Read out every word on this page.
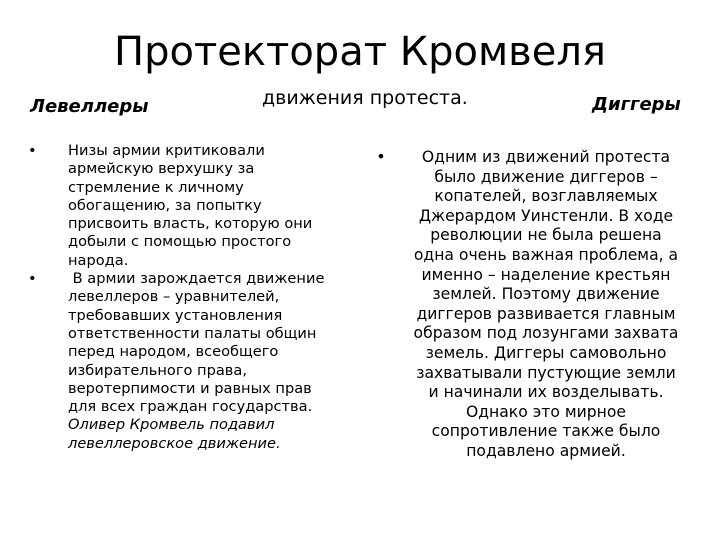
Протекторат Кромвеля
движения протеста.
Левеллеры	Диггеры
•	Низы армии критиковали
армейскую верхушку за
стремление к личному
обогащению, за попытку
присвоить власть, которую они
добыли с помощью простого
народа.
•	В армии зарождается движение
левеллеров – уравнителей,
требовавших установления
ответственности палаты общин
перед народом, всеобщего
избирательного права,
веротерпимости и равных прав
для всех граждан государства.
Оливер Кромвель подавил
левеллеровское движение.
•	Одним из движений протеста
было движение диггеров –
копателей, возглавляемых
Джерардом Уинстенли. В ходе
революции не была решена
одна очень важная проблема, а
именно – наделение крестьян
землей. Поэтому движение
диггеров развивается главным
образом под лозунгами захвата
земель. Диггеры самовольно
захватывали пустующие земли
и начинали их возделывать.
Однако это мирное
сопротивление также было
подавлено армией.
